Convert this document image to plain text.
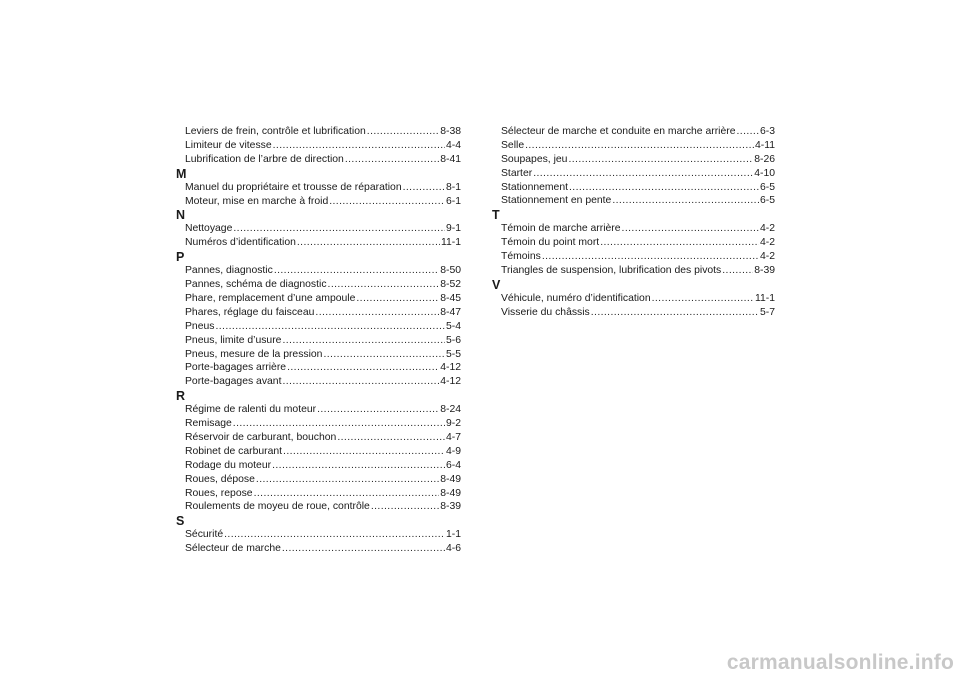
Leviers de frein, contrôle et lubrification .....	8-38
Limiteur de vitesse .....	4-4
Lubrification de l’arbre de direction .....	8-41
M
Manuel du propriétaire et trousse de réparation .....	8-1
Moteur, mise en marche à froid .....	6-1
N
Nettoyage .....	9-1
Numéros d’identification .....	11-1
P
Pannes, diagnostic .....	8-50
Pannes, schéma de diagnostic .....	8-52
Phare, remplacement d’une ampoule .....	8-45
Phares, réglage du faisceau .....	8-47
Pneus .....	5-4
Pneus, limite d’usure .....	5-6
Pneus, mesure de la pression .....	5-5
Porte-bagages arrière .....	4-12
Porte-bagages avant .....	4-12
R
Régime de ralenti du moteur .....	8-24
Remisage .....	9-2
Réservoir de carburant, bouchon .....	4-7
Robinet de carburant .....	4-9
Rodage du moteur .....	6-4
Roues, dépose .....	8-49
Roues, repose .....	8-49
Roulements de moyeu de roue, contrôle .....	8-39
S
Sécurité .....	1-1
Sélecteur de marche .....	4-6
Sélecteur de marche et conduite en marche arrière ..... 6-3
Selle .....	4-11
Soupapes, jeu .....	8-26
Starter .....	4-10
Stationnement .....	6-5
Stationnement en pente .....	6-5
T
Témoin de marche arrière .....	4-2
Témoin du point mort .....	4-2
Témoins .....	4-2
Triangles de suspension, lubrification des pivots .....	8-39
V
Véhicule, numéro d’identification .....	11-1
Visserie du châssis .....	5-7
carmanualsonline.info
